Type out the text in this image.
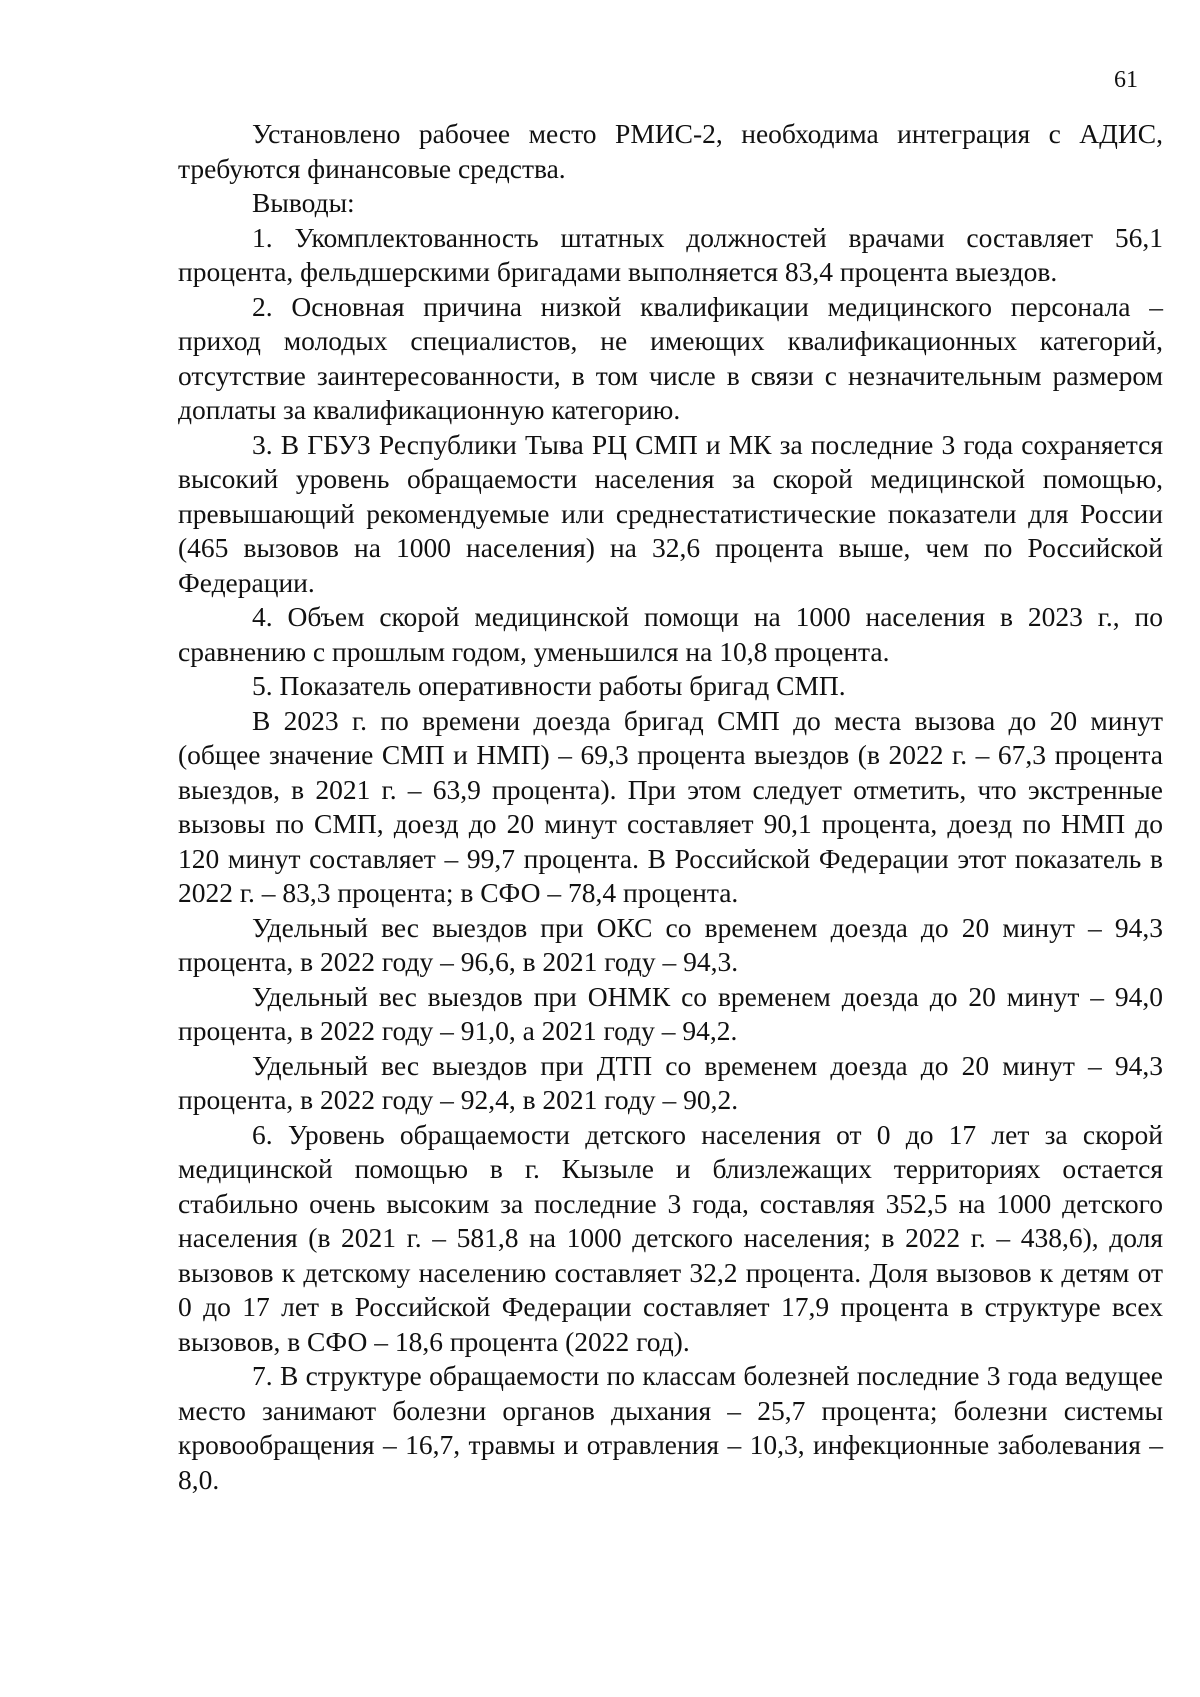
61

Установлено рабочее место РМИС-2, необходима интеграция с АДИС, требуются финансовые средства.

Выводы:

1. Укомплектованность штатных должностей врачами составляет 56,1 процента, фельдшерскими бригадами выполняется 83,4 процента выездов.

2. Основная причина низкой квалификации медицинского персонала – приход молодых специалистов, не имеющих квалификационных категорий, отсутствие заинтересованности, в том числе в связи с незначительным размером доплаты за квалификационную категорию.

3. В ГБУЗ Республики Тыва РЦ СМП и МК за последние 3 года сохраняется высокий уровень обращаемости населения за скорой медицинской помощью, превышающий рекомендуемые или среднестатистические показатели для России (465 вызовов на 1000 населения) на 32,6 процента выше, чем по Российской Федерации.

4. Объем скорой медицинской помощи на 1000 населения в 2023 г., по сравнению с прошлым годом, уменьшился на 10,8 процента.

5. Показатель оперативности работы бригад СМП.

В 2023 г. по времени доезда бригад СМП до места вызова до 20 минут (общее значение СМП и НМП) – 69,3 процента выездов (в 2022 г. – 67,3 процента выездов, в 2021 г. – 63,9 процента). При этом следует отметить, что экстренные вызовы по СМП, доезд до 20 минут составляет 90,1 процента, доезд по НМП до 120 минут составляет – 99,7 процента. В Российской Федерации этот показатель в 2022 г. – 83,3 процента; в СФО – 78,4 процента.

Удельный вес выездов при ОКС со временем доезда до 20 минут – 94,3 процента, в 2022 году – 96,6, в 2021 году – 94,3.

Удельный вес выездов при ОНМК со временем доезда до 20 минут – 94,0 процента, в 2022 году – 91,0, а 2021 году – 94,2.

Удельный вес выездов при ДТП со временем доезда до 20 минут – 94,3 процента, в 2022 году – 92,4, в 2021 году – 90,2.

6. Уровень обращаемости детского населения от 0 до 17 лет за скорой медицинской помощью в г. Кызыле и близлежащих территориях остается стабильно очень высоким за последние 3 года, составляя 352,5 на 1000 детского населения (в 2021 г. – 581,8 на 1000 детского населения; в 2022 г. – 438,6), доля вызовов к детскому населению составляет 32,2 процента. Доля вызовов к детям от 0 до 17 лет в Российской Федерации составляет 17,9 процента в структуре всех вызовов, в СФО – 18,6 процента (2022 год).

7. В структуре обращаемости по классам болезней последние 3 года ведущее место занимают болезни органов дыхания – 25,7 процента; болезни системы кровообращения – 16,7, травмы и отравления – 10,3, инфекционные заболевания – 8,0.
